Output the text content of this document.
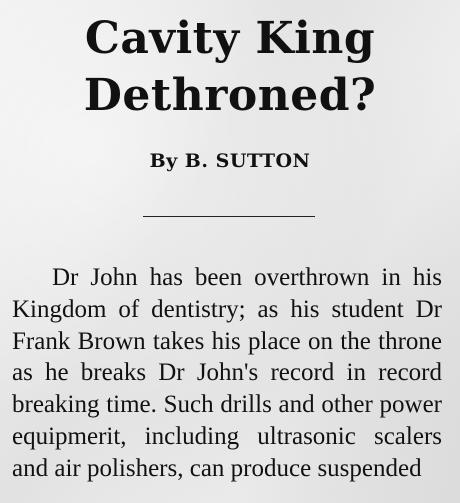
Cavity King Dethroned?

By B. SUTTON

Dr John has been overthrown in his Kingdom of dentistry; as his student Dr Frank Brown takes his place on the throne as he breaks Dr John's record in record breaking time. Such drills and other power equipmerit, including ultrasonic scalers and air polishers, can produce suspended
